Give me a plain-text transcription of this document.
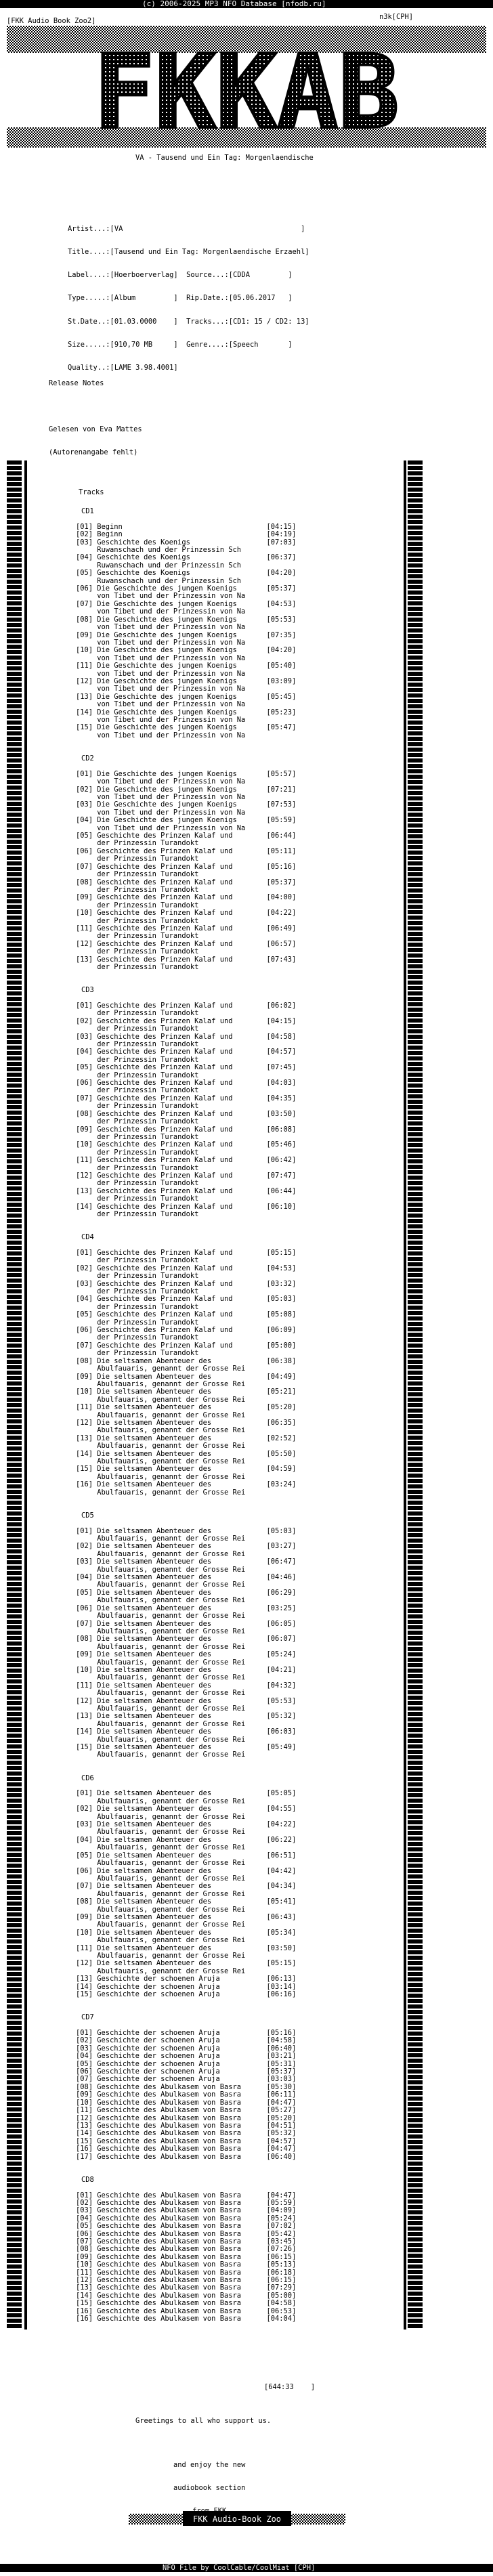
(c) 2006-2025 MP3 NFO Database [nfodb.ru]
[FKK Audio Book Zoo2]	n3k[CPH]
FKKAB
VA - Tausend und Ein Tag: Morgenlaendische

Artist...:[VA                                          ]

Title....:[Tausend und Ein Tag: Morgenlaendische Erzaehl]

Label....:[Hoerboerverlag]  Source...:[CDDA         ]

Type.....:[Album         ]  Rip.Date.:[05.06.2017   ]

St.Date..:[01.03.0000    ]  Tracks...:[CD1: 15 / CD2: 13]

Size.....:[910,70 MB     ]  Genre....:[Speech       ]

Quality..:[LAME 3.98.4001]

Release Notes

Gelesen von Eva Mattes

(Autorenangabe fehlt)

Tracks
CD1

[01] Beginn                                  [04:15]
[02] Beginn                                  [04:19]
[03] Geschichte des Koenigs                  [07:03]
Ruwanschach und der Prinzessin Sch
[04] Geschichte des Koenigs                  [06:37]
Ruwanschach und der Prinzessin Sch
[05] Geschichte des Koenigs                  [04:20]
Ruwanschach und der Prinzessin Sch
[06] Die Geschichte des jungen Koenigs       [05:37]
von Tibet und der Prinzessin von Na
[07] Die Geschichte des jungen Koenigs       [04:53]
von Tibet und der Prinzessin von Na
[08] Die Geschichte des jungen Koenigs       [05:53]
von Tibet und der Prinzessin von Na
[09] Die Geschichte des jungen Koenigs       [07:35]
von Tibet und der Prinzessin von Na
[10] Die Geschichte des jungen Koenigs       [04:20]
von Tibet und der Prinzessin von Na
[11] Die Geschichte des jungen Koenigs       [05:40]
von Tibet und der Prinzessin von Na
[12] Die Geschichte des jungen Koenigs       [03:09]
von Tibet und der Prinzessin von Na
[13] Die Geschichte des jungen Koenigs       [05:45]
von Tibet und der Prinzessin von Na
[14] Die Geschichte des jungen Koenigs       [05:23]
von Tibet und der Prinzessin von Na
[15] Die Geschichte des jungen Koenigs       [05:47]
von Tibet und der Prinzessin von Na

CD2

[01] Die Geschichte des jungen Koenigs       [05:57]
von Tibet und der Prinzessin von Na
[02] Die Geschichte des jungen Koenigs       [07:21]
von Tibet und der Prinzessin von Na
[03] Die Geschichte des jungen Koenigs       [07:53]
von Tibet und der Prinzessin von Na
[04] Die Geschichte des jungen Koenigs       [05:59]
von Tibet und der Prinzessin von Na
[05] Geschichte des Prinzen Kalaf und        [06:44]
der Prinzessin Turandokt
[06] Geschichte des Prinzen Kalaf und        [05:11]
der Prinzessin Turandokt
[07] Geschichte des Prinzen Kalaf und        [05:16]
der Prinzessin Turandokt
[08] Geschichte des Prinzen Kalaf und        [05:37]
der Prinzessin Turandokt
[09] Geschichte des Prinzen Kalaf und        [04:00]
der Prinzessin Turandokt
[10] Geschichte des Prinzen Kalaf und        [04:22]
der Prinzessin Turandokt
[11] Geschichte des Prinzen Kalaf und        [06:49]
der Prinzessin Turandokt
[12] Geschichte des Prinzen Kalaf und        [06:57]
der Prinzessin Turandokt
[13] Geschichte des Prinzen Kalaf und        [07:43]
der Prinzessin Turandokt

CD3

[01] Geschichte des Prinzen Kalaf und        [06:02]
der Prinzessin Turandokt
[02] Geschichte des Prinzen Kalaf und        [04:15]
der Prinzessin Turandokt
[03] Geschichte des Prinzen Kalaf und        [04:58]
der Prinzessin Turandokt
[04] Geschichte des Prinzen Kalaf und        [04:57]
der Prinzessin Turandokt
[05] Geschichte des Prinzen Kalaf und        [07:45]
der Prinzessin Turandokt
[06] Geschichte des Prinzen Kalaf und        [04:03]
der Prinzessin Turandokt
[07] Geschichte des Prinzen Kalaf und        [04:35]
der Prinzessin Turandokt
[08] Geschichte des Prinzen Kalaf und        [03:50]
der Prinzessin Turandokt
[09] Geschichte des Prinzen Kalaf und        [06:08]
der Prinzessin Turandokt
[10] Geschichte des Prinzen Kalaf und        [05:46]
der Prinzessin Turandokt
[11] Geschichte des Prinzen Kalaf und        [06:42]
der Prinzessin Turandokt
[12] Geschichte des Prinzen Kalaf und        [07:47]
der Prinzessin Turandokt
[13] Geschichte des Prinzen Kalaf und        [06:44]
der Prinzessin Turandokt
[14] Geschichte des Prinzen Kalaf und        [06:10]
der Prinzessin Turandokt

CD4

[01] Geschichte des Prinzen Kalaf und        [05:15]
der Prinzessin Turandokt
[02] Geschichte des Prinzen Kalaf und        [04:53]
der Prinzessin Turandokt
[03] Geschichte des Prinzen Kalaf und        [03:32]
der Prinzessin Turandokt
[04] Geschichte des Prinzen Kalaf und        [05:03]
der Prinzessin Turandokt
[05] Geschichte des Prinzen Kalaf und        [05:08]
der Prinzessin Turandokt
[06] Geschichte des Prinzen Kalaf und        [06:09]
der Prinzessin Turandokt
[07] Geschichte des Prinzen Kalaf und        [05:00]
der Prinzessin Turandokt
[08] Die seltsamen Abenteuer des             [06:38]
Abulfauaris, genannt der Grosse Rei
[09] Die seltsamen Abenteuer des             [04:49]
Abulfauaris, genannt der Grosse Rei
[10] Die seltsamen Abenteuer des             [05:21]
Abulfauaris, genannt der Grosse Rei
[11] Die seltsamen Abenteuer des             [05:20]
Abulfauaris, genannt der Grosse Rei
[12] Die seltsamen Abenteuer des             [06:35]
Abulfauaris, genannt der Grosse Rei
[13] Die seltsamen Abenteuer des             [02:52]
Abulfauaris, genannt der Grosse Rei
[14] Die seltsamen Abenteuer des             [05:50]
Abulfauaris, genannt der Grosse Rei
[15] Die seltsamen Abenteuer des             [04:59]
Abulfauaris, genannt der Grosse Rei
[16] Die seltsamen Abenteuer des             [03:24]
Abulfauaris, genannt der Grosse Rei

CD5

[01] Die seltsamen Abenteuer des             [05:03]
Abulfauaris, genannt der Grosse Rei
[02] Die seltsamen Abenteuer des             [03:27]
Abulfauaris, genannt der Grosse Rei
[03] Die seltsamen Abenteuer des             [06:47]
Abulfauaris, genannt der Grosse Rei
[04] Die seltsamen Abenteuer des             [04:46]
Abulfauaris, genannt der Grosse Rei
[05] Die seltsamen Abenteuer des             [06:29]
Abulfauaris, genannt der Grosse Rei
[06] Die seltsamen Abenteuer des             [03:25]
Abulfauaris, genannt der Grosse Rei
[07] Die seltsamen Abenteuer des             [06:05]
Abulfauaris, genannt der Grosse Rei
[08] Die seltsamen Abenteuer des             [06:07]
Abulfauaris, genannt der Grosse Rei
[09] Die seltsamen Abenteuer des             [05:24]
Abulfauaris, genannt der Grosse Rei
[10] Die seltsamen Abenteuer des             [04:21]
Abulfauaris, genannt der Grosse Rei
[11] Die seltsamen Abenteuer des             [04:32]
Abulfauaris, genannt der Grosse Rei
[12] Die seltsamen Abenteuer des             [05:53]
Abulfauaris, genannt der Grosse Rei
[13] Die seltsamen Abenteuer des             [05:32]
Abulfauaris, genannt der Grosse Rei
[14] Die seltsamen Abenteuer des             [06:03]
Abulfauaris, genannt der Grosse Rei
[15] Die seltsamen Abenteuer des             [05:49]
Abulfauaris, genannt der Grosse Rei

CD6

[01] Die seltsamen Abenteuer des             [05:05]
Abulfauaris, genannt der Grosse Rei
[02] Die seltsamen Abenteuer des             [04:55]
Abulfauaris, genannt der Grosse Rei
[03] Die seltsamen Abenteuer des             [04:22]
Abulfauaris, genannt der Grosse Rei
[04] Die seltsamen Abenteuer des             [06:22]
Abulfauaris, genannt der Grosse Rei
[05] Die seltsamen Abenteuer des             [06:51]
Abulfauaris, genannt der Grosse Rei
[06] Die seltsamen Abenteuer des             [04:42]
Abulfauaris, genannt der Grosse Rei
[07] Die seltsamen Abenteuer des             [04:34]
Abulfauaris, genannt der Grosse Rei
[08] Die seltsamen Abenteuer des             [05:41]
Abulfauaris, genannt der Grosse Rei
[09] Die seltsamen Abenteuer des             [06:43]
Abulfauaris, genannt der Grosse Rei
[10] Die seltsamen Abenteuer des             [05:34]
Abulfauaris, genannt der Grosse Rei
[11] Die seltsamen Abenteuer des             [03:50]
Abulfauaris, genannt der Grosse Rei
[12] Die seltsamen Abenteuer des             [05:15]
Abulfauaris, genannt der Grosse Rei
[13] Geschichte der schoenen Aruja           [06:13]
[14] Geschichte der schoenen Aruja           [03:14]
[15] Geschichte der schoenen Aruja           [06:16]

CD7

[01] Geschichte der schoenen Aruja           [05:16]
[02] Geschichte der schoenen Aruja           [04:58]
[03] Geschichte der schoenen Aruja           [06:40]
[04] Geschichte der schoenen Aruja           [03:21]
[05] Geschichte der schoenen Aruja           [05:31]
[06] Geschichte der schoenen Aruja           [05:37]
[07] Geschichte der schoenen Aruja           [03:03]
[08] Geschichte des Abulkasem von Basra      [05:30]
[09] Geschichte des Abulkasem von Basra      [06:11]
[10] Geschichte des Abulkasem von Basra      [04:47]
[11] Geschichte des Abulkasem von Basra      [05:27]
[12] Geschichte des Abulkasem von Basra      [05:20]
[13] Geschichte des Abulkasem von Basra      [04:51]
[14] Geschichte des Abulkasem von Basra      [05:32]
[15] Geschichte des Abulkasem von Basra      [04:57]
[16] Geschichte des Abulkasem von Basra      [04:47]
[17] Geschichte des Abulkasem von Basra      [06:40]

CD8

[01] Geschichte des Abulkasem von Basra      [04:47]
[02] Geschichte des Abulkasem von Basra      [05:59]
[03] Geschichte des Abulkasem von Basra      [04:09]
[04] Geschichte des Abulkasem von Basra      [05:24]
[05] Geschichte des Abulkasem von Basra      [07:02]
[06] Geschichte des Abulkasem von Basra      [05:42]
[07] Geschichte des Abulkasem von Basra      [03:45]
[08] Geschichte des Abulkasem von Basra      [07:26]
[09] Geschichte des Abulkasem von Basra      [06:15]
[10] Geschichte des Abulkasem von Basra      [05:13]
[11] Geschichte des Abulkasem von Basra      [06:18]
[12] Geschichte des Abulkasem von Basra      [06:15]
[13] Geschichte des Abulkasem von Basra      [07:29]
[14] Geschichte des Abulkasem von Basra      [05:00]
[15] Geschichte des Abulkasem von Basra      [04:58]
[16] Geschichte des Abulkasem von Basra      [06:53]
[16] Geschichte des Abulkasem von Basra      [04:04]

[644:33    ]
Greetings to all who support us.

and enjoy the new

audiobook section

FKK Audio-Book Zoo
NFO File by CoolCable/CoolMiat [CPH]
